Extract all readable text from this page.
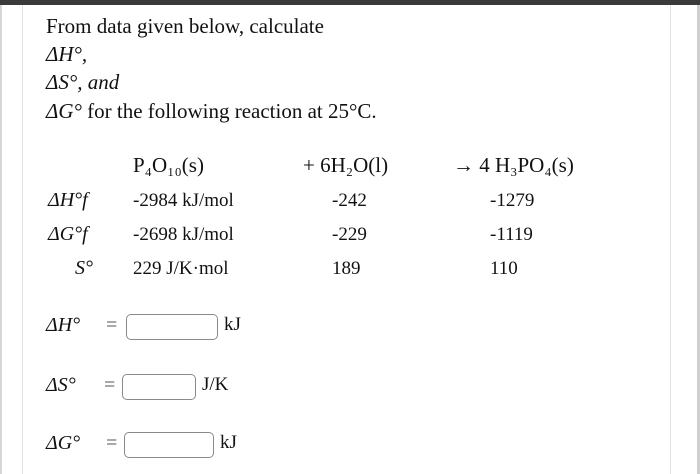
From data given below, calculate
ΔH°,
ΔS°, and
ΔG° for the following reaction at 25°C.
P₄O₁₀(s)	+ 6H₂O(l)	→ 4 H₃PO₄(s)
ΔH°f -2984 kJ/mol	-242	-1279
ΔG°f -2698 kJ/mol	-229	-1119
S° 229 J/K·mol	189	110
ΔH° =	kJ
ΔS° =	J/K
ΔG° =	kJ
